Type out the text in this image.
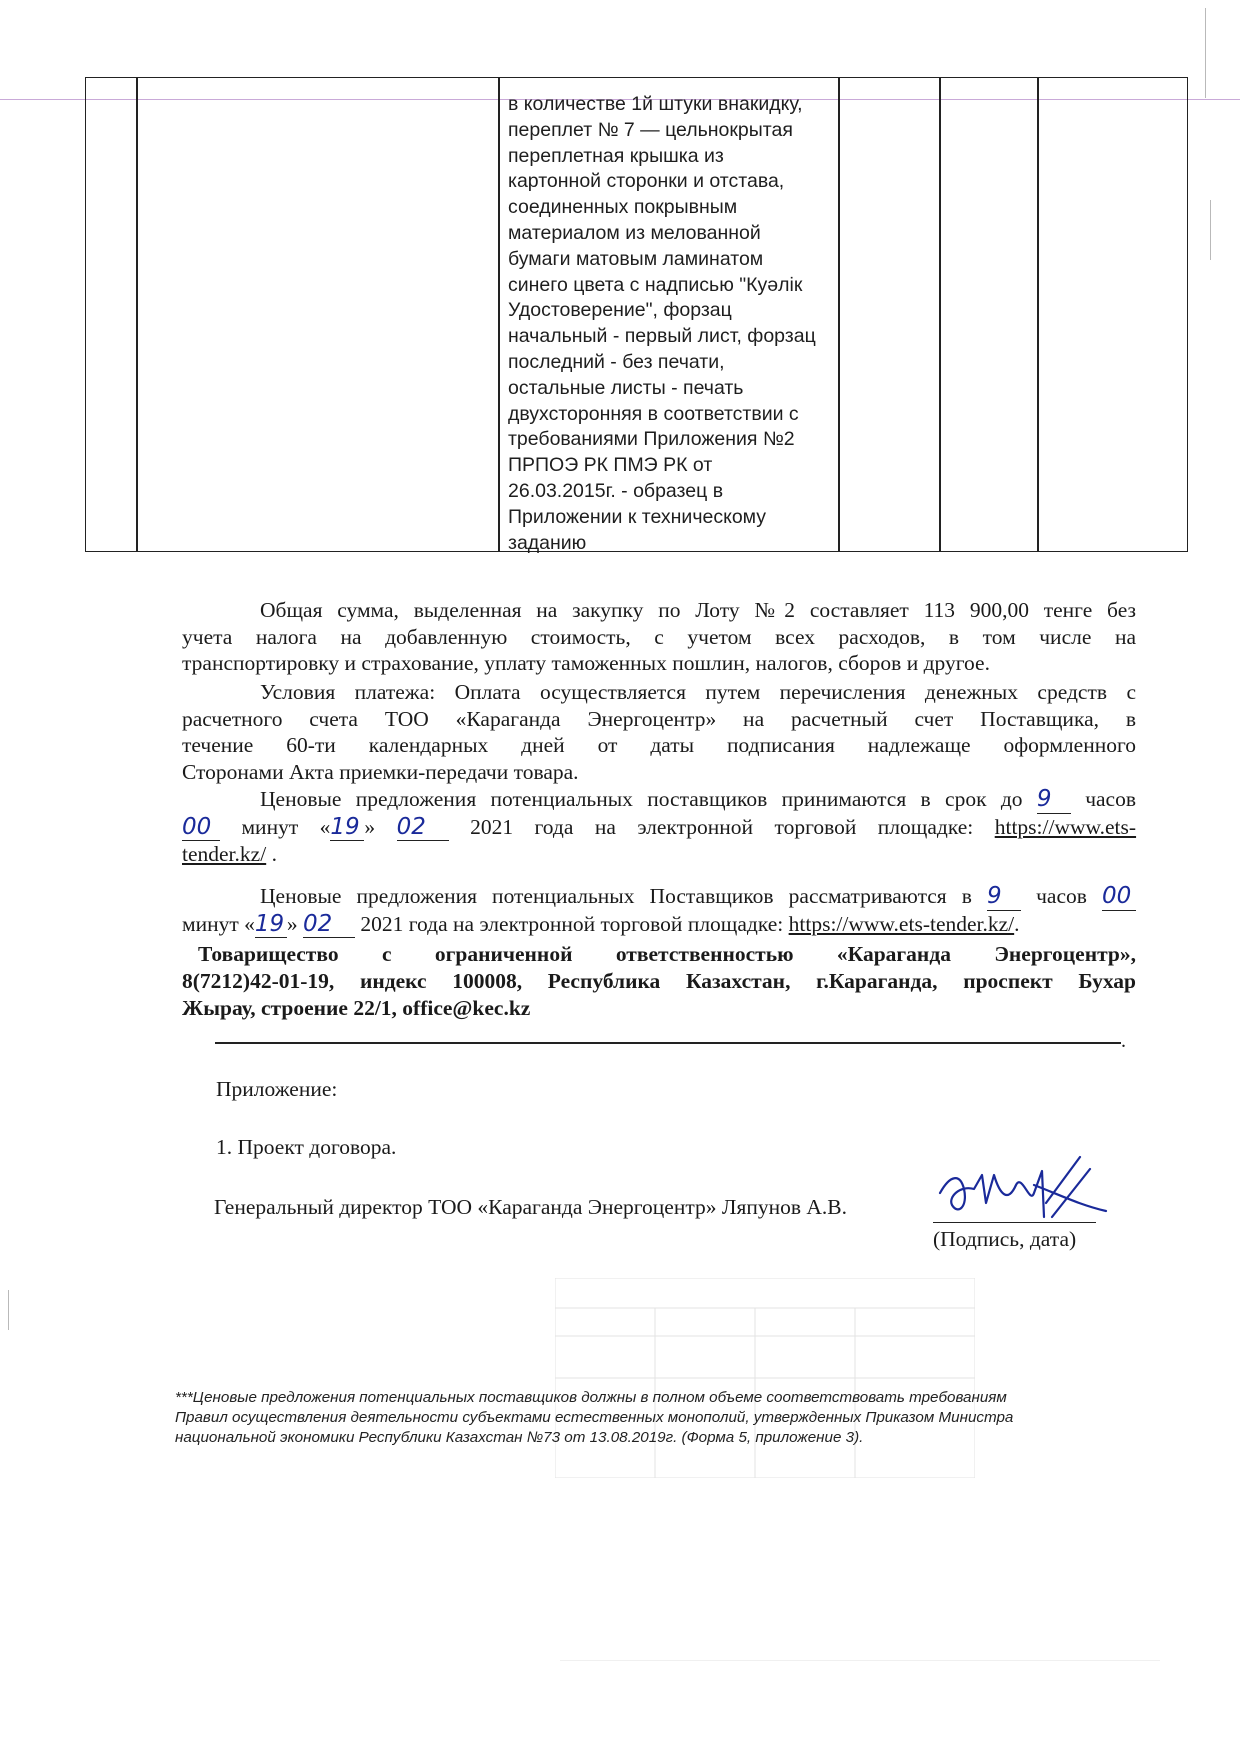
в количестве 1й штуки внакидку,
переплет № 7 — цельнокрытая
переплетная крышка из
картонной сторонки и отстава,
соединенных покрывным
материалом из мелованной
бумаги матовым ламинатом
синего цвета с надписью "Куәлік
Удостоверение", форзац
начальный - первый лист, форзац
последний - без печати,
остальные листы - печать
двухсторонняя в соответствии с
требованиями Приложения №2
ПРПОЭ РК ПМЭ РК от
26.03.2015г. - образец в
Приложении к техническому
заданию
Общая сумма, выделенная на закупку по Лоту №2 составляет 113 900,00 тенге без
учета налога на добавленную стоимость, с учетом всех расходов, в том числе на
транспортировку и страхование, уплату таможенных пошлин, налогов, сборов и другое.
Условия платежа: Оплата осуществляется путем перечисления денежных средств с
расчетного счета ТОО «Караганда Энергоцентр» на расчетный счет Поставщика, в
течение 60-ти календарных дней от даты подписания надлежаще оформленного
Сторонами Акта приемки-передачи товара.
Ценовые предложения потенциальных поставщиков принимаются в срок до 9 часов
00 минут «19 » 02 2021 года на электронной торговой площадке: https://www.ets-
tender.kz/ .
Ценовые предложения потенциальных Поставщиков рассматриваются в 9 часов 00
минут «19 » 02 2021 года на электронной торговой площадке: https://www.ets-tender.kz/.
Товарищество с ограниченной ответственностью «Караганда Энергоцентр»,
8(7212)42-01-19, индекс 100008, Республика Казахстан, г.Караганда, проспект Бухар
Жырау, строение 22/1, office@kec.kz
.
Приложение:
1. Проект договора.
Генеральный директор ТОО «Караганда Энергоцентр» Ляпунов А.В.
(Подпись, дата)
***Ценовые предложения потенциальных поставщиков должны в полном объеме соответствовать требованиям
Правил осуществления деятельности субъектами естественных монополий, утвержденных Приказом Министра
национальной экономики Республики Казахстан №73 от 13.08.2019г. (Форма 5, приложение 3).
